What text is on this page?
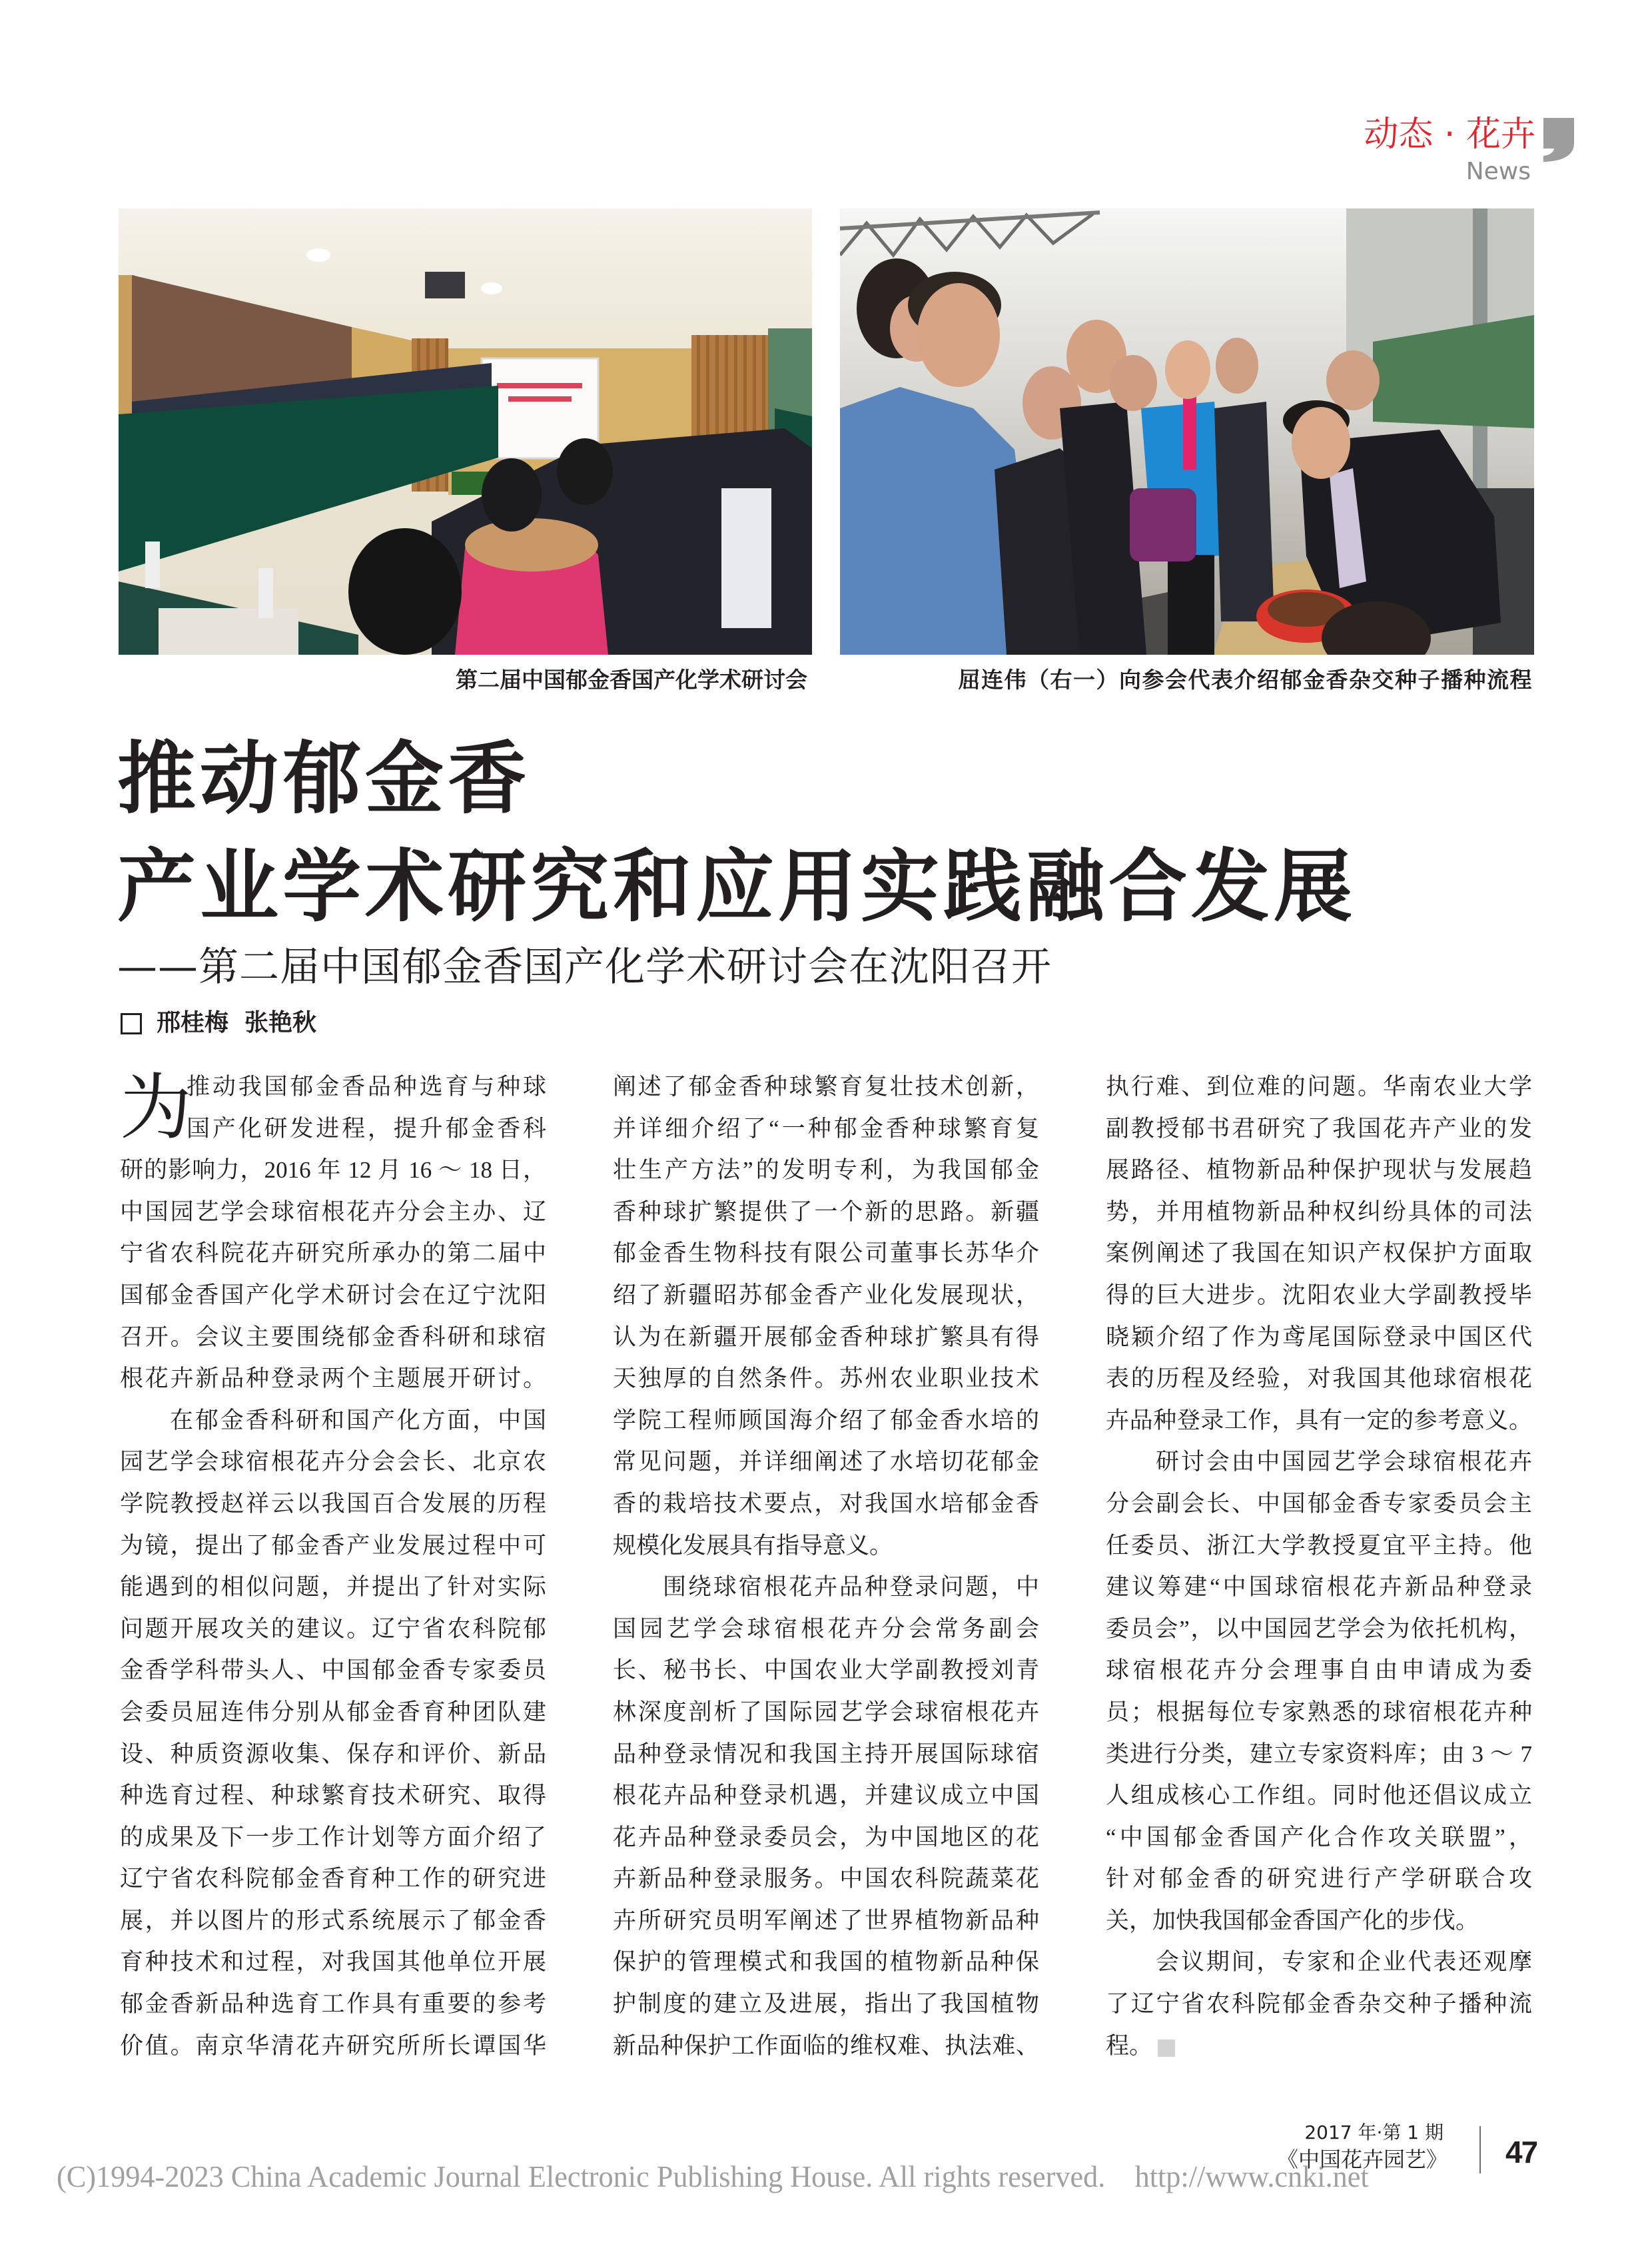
动态 · 花卉
News
第二届中国郁金香国产化学术研讨会	屈连伟（右一）向参会代表介绍郁金香杂交种子播种流程
推动郁金香
产业学术研究和应用实践融合发展
——第二届中国郁金香国产化学术研讨会在沈阳召开
邢桂梅 张艳秋
为
推动我国郁金香品种选育与种球
国产化研发进程，提升郁金香科
研的影响力，2016 年 12 月 16 ～ 18 日，
中国园艺学会球宿根花卉分会主办、辽
宁省农科院花卉研究所承办的第二届中
国郁金香国产化学术研讨会在辽宁沈阳
召开。会议主要围绕郁金香科研和球宿
根花卉新品种登录两个主题展开研讨。
在郁金香科研和国产化方面，中国
园艺学会球宿根花卉分会会长、北京农
学院教授赵祥云以我国百合发展的历程
为镜，提出了郁金香产业发展过程中可
能遇到的相似问题，并提出了针对实际
问题开展攻关的建议。辽宁省农科院郁
金香学科带头人、中国郁金香专家委员
会委员屈连伟分别从郁金香育种团队建
设、种质资源收集、保存和评价、新品
种选育过程、种球繁育技术研究、取得
的成果及下一步工作计划等方面介绍了
辽宁省农科院郁金香育种工作的研究进
展，并以图片的形式系统展示了郁金香
育种技术和过程，对我国其他单位开展
郁金香新品种选育工作具有重要的参考
价值。南京华清花卉研究所所长谭国华
阐述了郁金香种球繁育复壮技术创新，
并详细介绍了“一种郁金香种球繁育复
壮生产方法”的发明专利，为我国郁金
香种球扩繁提供了一个新的思路。新疆
郁金香生物科技有限公司董事长苏华介
绍了新疆昭苏郁金香产业化发展现状，
认为在新疆开展郁金香种球扩繁具有得
天独厚的自然条件。苏州农业职业技术
学院工程师顾国海介绍了郁金香水培的
常见问题，并详细阐述了水培切花郁金
香的栽培技术要点，对我国水培郁金香
规模化发展具有指导意义。
围绕球宿根花卉品种登录问题，中
国园艺学会球宿根花卉分会常务副会
长、秘书长、中国农业大学副教授刘青
林深度剖析了国际园艺学会球宿根花卉
品种登录情况和我国主持开展国际球宿
根花卉品种登录机遇，并建议成立中国
花卉品种登录委员会，为中国地区的花
卉新品种登录服务。中国农科院蔬菜花
卉所研究员明军阐述了世界植物新品种
保护的管理模式和我国的植物新品种保
护制度的建立及进展，指出了我国植物
新品种保护工作面临的维权难、执法难、
执行难、到位难的问题。华南农业大学
副教授郁书君研究了我国花卉产业的发
展路径、植物新品种保护现状与发展趋
势，并用植物新品种权纠纷具体的司法
案例阐述了我国在知识产权保护方面取
得的巨大进步。沈阳农业大学副教授毕
晓颖介绍了作为鸢尾国际登录中国区代
表的历程及经验，对我国其他球宿根花
卉品种登录工作，具有一定的参考意义。
研讨会由中国园艺学会球宿根花卉
分会副会长、中国郁金香专家委员会主
任委员、浙江大学教授夏宜平主持。他
建议筹建“中国球宿根花卉新品种登录
委员会”，以中国园艺学会为依托机构，
球宿根花卉分会理事自由申请成为委
员；根据每位专家熟悉的球宿根花卉种
类进行分类，建立专家资料库；由 3 ～ 7
人组成核心工作组。同时他还倡议成立
“中国郁金香国产化合作攻关联盟”，
针对郁金香的研究进行产学研联合攻
关，加快我国郁金香国产化的步伐。
会议期间，专家和企业代表还观摩
了辽宁省农科院郁金香杂交种子播种流
程。
2017 年·第 1 期
《中国花卉园艺》 47
(C)1994-2023 China Academic Journal Electronic Publishing House. All rights reserved.    http://www.cnki.net
